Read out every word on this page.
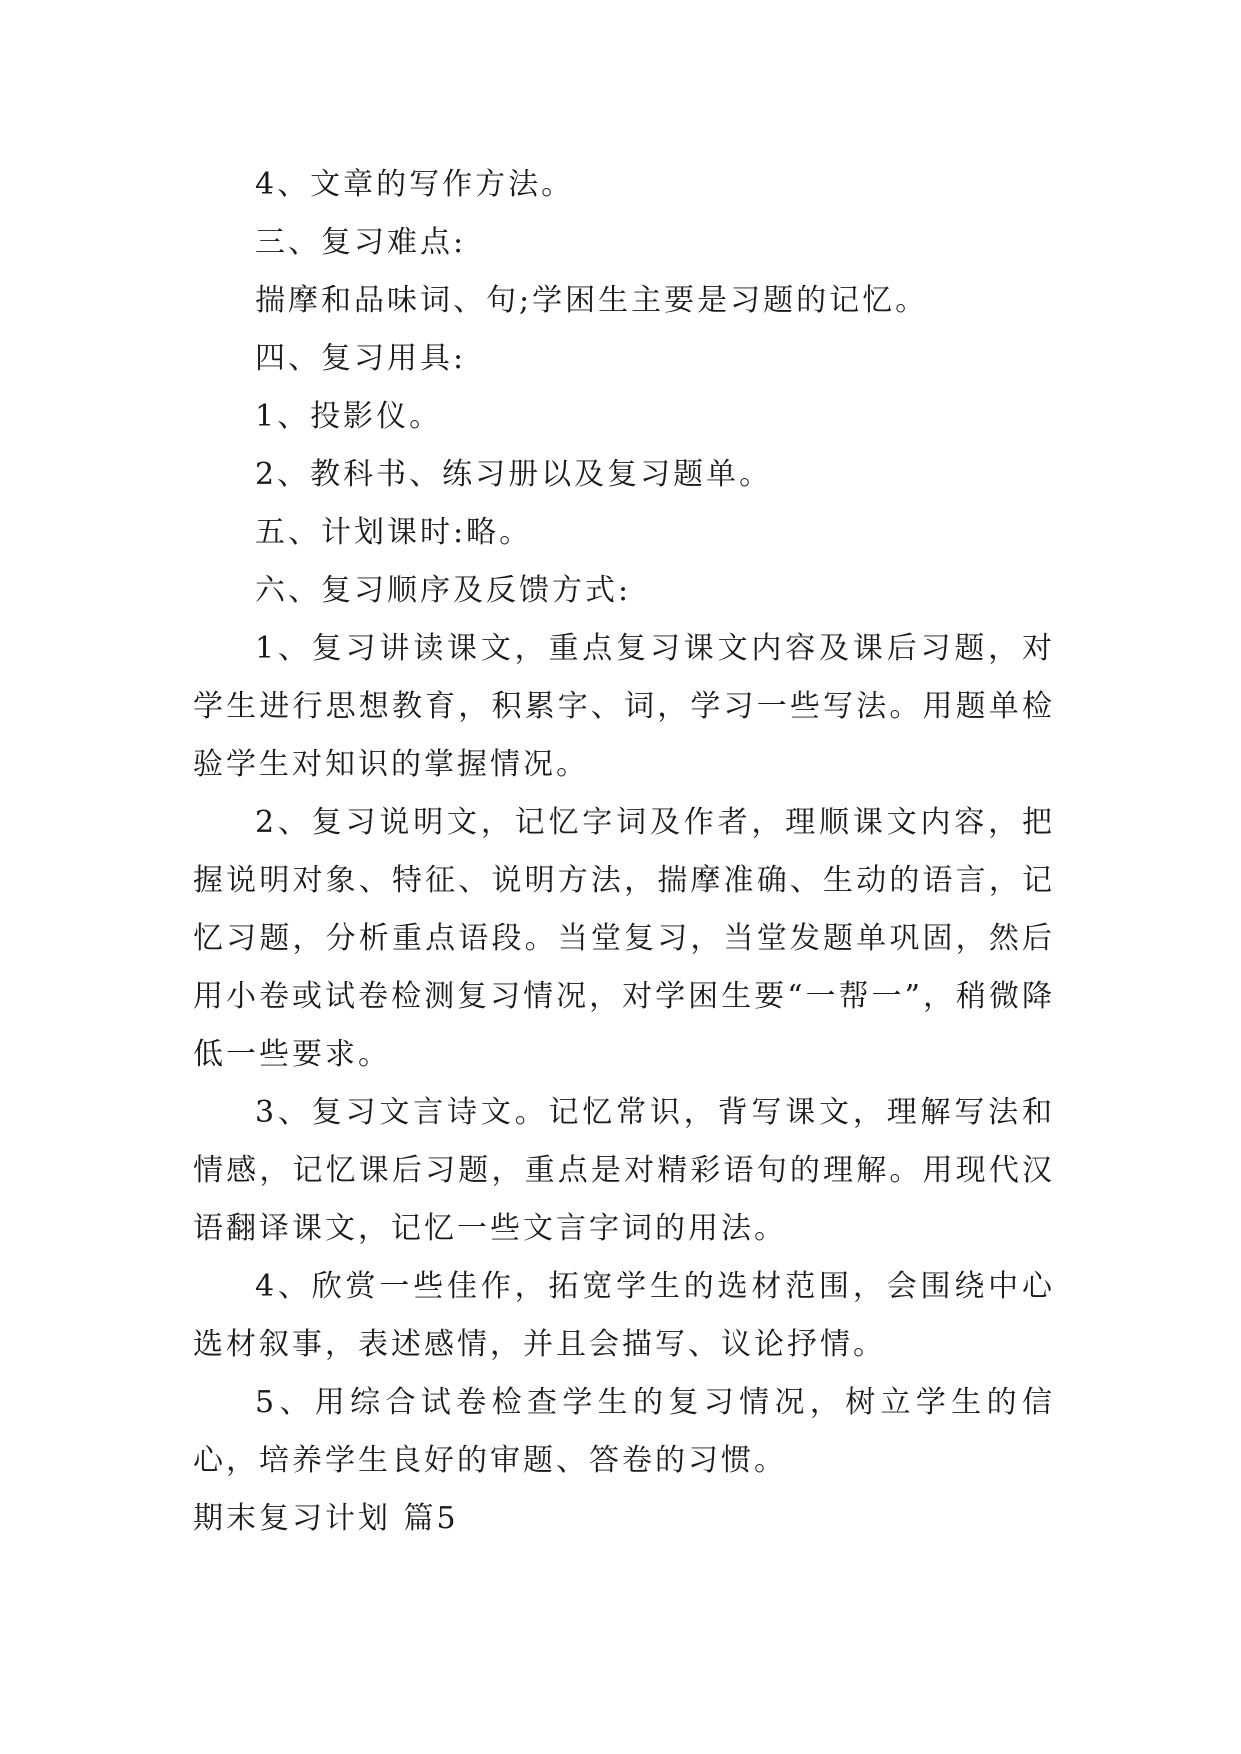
4、文章的写作方法。

三、复习难点:

揣摩和品味词、句;学困生主要是习题的记忆。

四、复习用具:

1、投影仪。

2、教科书、练习册以及复习题单。

五、计划课时:略。

六、复习顺序及反馈方式:

1、复习讲读课文，重点复习课文内容及课后习题，对学生进行思想教育，积累字、词，学习一些写法。用题单检验学生对知识的掌握情况。

2、复习说明文，记忆字词及作者，理顺课文内容，把握说明对象、特征、说明方法，揣摩准确、生动的语言，记忆习题，分析重点语段。当堂复习，当堂发题单巩固，然后用小卷或试卷检测复习情况，对学困生要“一帮一”，稍微降低一些要求。

3、复习文言诗文。记忆常识，背写课文，理解写法和情感，记忆课后习题，重点是对精彩语句的理解。用现代汉语翻译课文，记忆一些文言字词的用法。

4、欣赏一些佳作，拓宽学生的选材范围，会围绕中心选材叙事，表述感情，并且会描写、议论抒情。

5、用综合试卷检查学生的复习情况，树立学生的信心，培养学生良好的审题、答卷的习惯。

期末复习计划 篇5
